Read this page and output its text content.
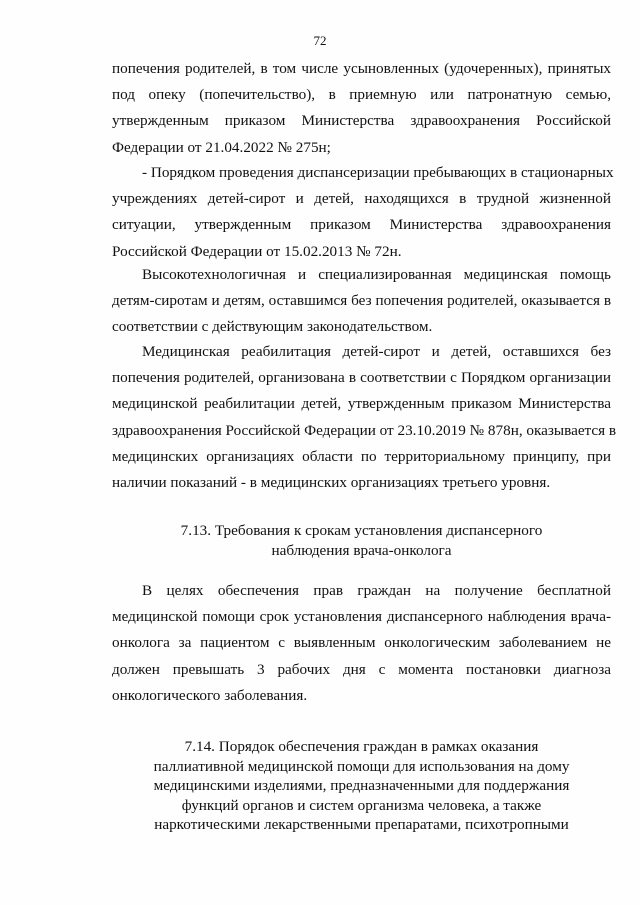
72
попечения родителей, в том числе усыновленных (удочеренных), принятых
под опеку (попечительство), в приемную или патронатную семью,
утвержденным приказом Министерства здравоохранения Российской
Федерации от 21.04.2022 № 275н;
- Порядком проведения диспансеризации пребывающих в стационарных
учреждениях детей-сирот и детей, находящихся в трудной жизненной
ситуации, утвержденным приказом Министерства здравоохранения
Российской Федерации от 15.02.2013 № 72н.
Высокотехнологичная и специализированная медицинская помощь
детям-сиротам и детям, оставшимся без попечения родителей, оказывается в
соответствии с действующим законодательством.
Медицинская реабилитация детей-сирот и детей, оставшихся без
попечения родителей, организована в соответствии с Порядком организации
медицинской реабилитации детей, утвержденным приказом Министерства
здравоохранения Российской Федерации от 23.10.2019 № 878н, оказывается в
медицинских организациях области по территориальному принципу, при
наличии показаний - в медицинских организациях третьего уровня.
7.13. Требования к срокам установления диспансерного
наблюдения врача-онколога
В целях обеспечения прав граждан на получение бесплатной
медицинской помощи срок установления диспансерного наблюдения врача-
онколога за пациентом с выявленным онкологическим заболеванием не
должен превышать 3 рабочих дня с момента постановки диагноза
онкологического заболевания.
7.14. Порядок обеспечения граждан в рамках оказания
паллиативной медицинской помощи для использования на дому
медицинскими изделиями, предназначенными для поддержания
функций органов и систем организма человека, а также
наркотическими лекарственными препаратами, психотропными
